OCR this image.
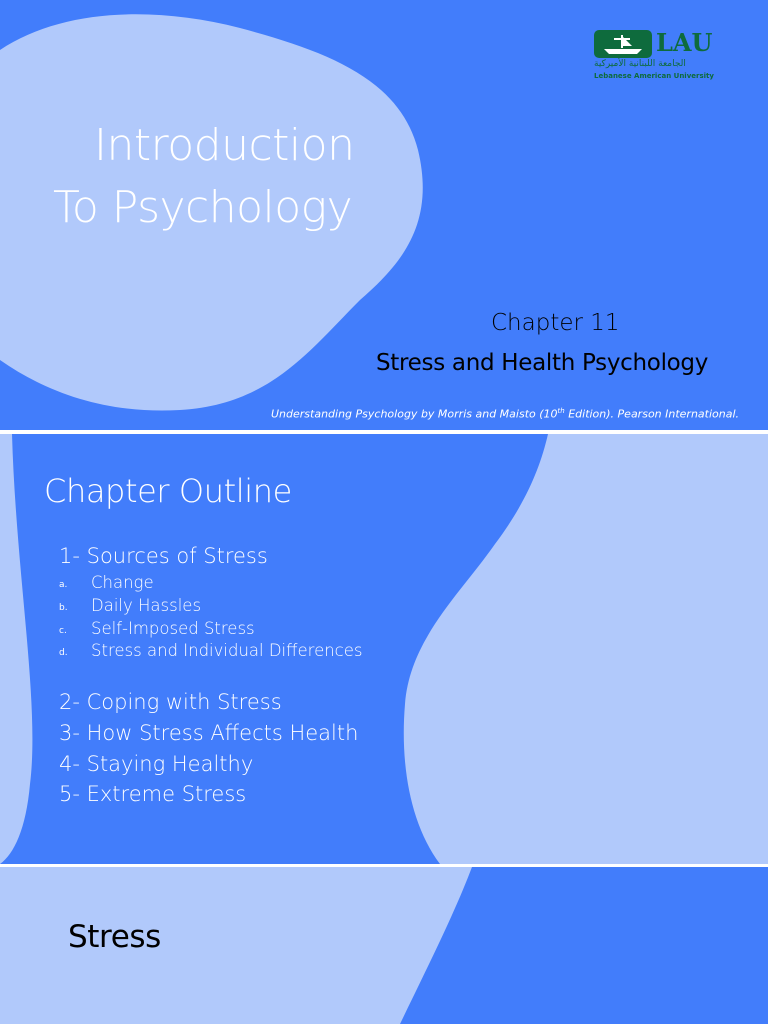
LAU
الجامعة اللبنانية الأميركية
Lebanese American University
Introduction
To Psychology
Chapter 11
Stress and Health Psychology
Understanding Psychology by Morris and Maisto (10th Edition). Pearson International.
Chapter Outline
1- Sources of Stress
a. Change
b. Daily Hassles
c. Self-Imposed Stress
d. Stress and Individual Differences
2- Coping with Stress
3- How Stress Affects Health
4- Staying Healthy
5- Extreme Stress
Stress
